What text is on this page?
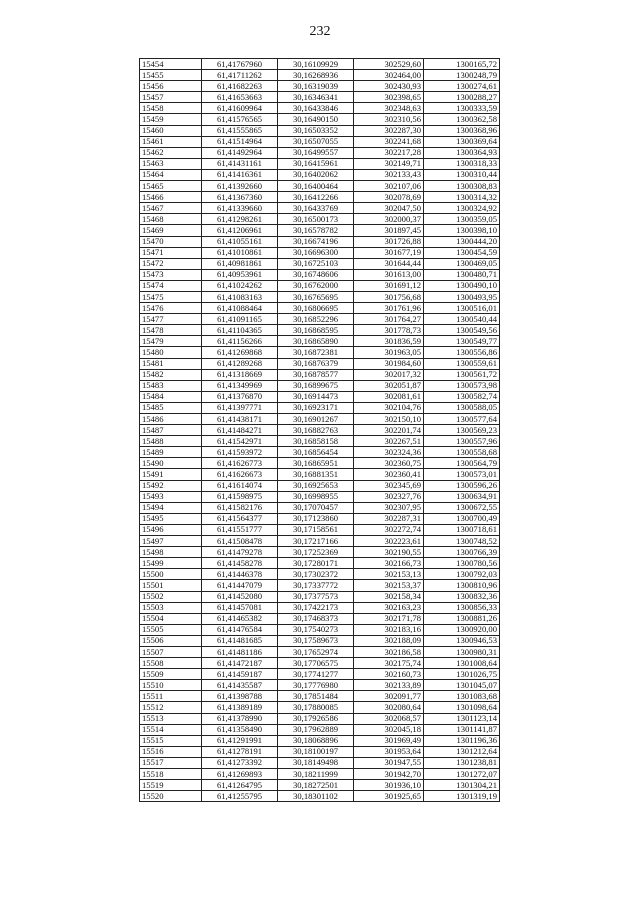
232
15454	61,41767960	30,16109929	302529,60	1300165,72
15455	61,41711262	30,16268936	302464,00	1300248,79
15456	61,41682263	30,16319039	302430,93	1300274,61
15457	61,41653663	30,16346341	302398,65	1300288,27
15458	61,41609964	30,16433846	302348,63	1300333,59
15459	61,41576565	30,16490150	302310,56	1300362,58
15460	61,41555865	30,16503352	302287,30	1300368,96
15461	61,41514964	30,16507055	302241,68	1300369,64
15462	61,41492964	30,16499557	302217,28	1300364,93
15463	61,41431161	30,16415961	302149,71	1300318,33
15464	61,41416361	30,16402062	302133,43	1300310,44
15465	61,41392660	30,16400464	302107,06	1300308,83
15466	61,41367360	30,16412266	302078,69	1300314,32
15467	61,41339660	30,16433769	302047,50	1300324,92
15468	61,41298261	30,16500173	302000,37	1300359,05
15469	61,41206961	30,16578782	301897,45	1300398,10
15470	61,41055161	30,16674196	301726,88	1300444,20
15471	61,41010861	30,16696300	301677,19	1300454,59
15472	61,40981861	30,16725103	301644,44	1300469,05
15473	61,40953961	30,16748606	301613,00	1300480,71
15474	61,41024262	30,16762000	301691,12	1300490,10
15475	61,41083163	30,16765695	301756,68	1300493,95
15476	61,41088464	30,16806695	301761,96	1300516,01
15477	61,41091165	30,16852296	301764,27	1300540,44
15478	61,41104365	30,16868595	301778,73	1300549,56
15479	61,41156266	30,16865890	301836,59	1300549,77
15480	61,41269868	30,16872381	301963,05	1300556,86
15481	61,41289268	30,16876379	301984,60	1300559,61
15482	61,41318669	30,16878577	302017,32	1300561,72
15483	61,41349969	30,16899675	302051,87	1300573,98
15484	61,41376870	30,16914473	302081,61	1300582,74
15485	61,41397771	30,16923171	302104,76	1300588,05
15486	61,41438171	30,16901267	302150,10	1300577,64
15487	61,41484271	30,16882763	302201,74	1300569,23
15488	61,41542971	30,16858158	302267,51	1300557,96
15489	61,41593972	30,16856454	302324,36	1300558,68
15490	61,41626773	30,16865951	302360,75	1300564,79
15491	61,41626673	30,16881351	302360,41	1300573,01
15492	61,41614074	30,16925653	302345,69	1300596,26
15493	61,41598975	30,16998955	302327,76	1300634,91
15494	61,41582176	30,17070457	302307,95	1300672,55
15495	61,41564377	30,17123860	302287,31	1300700,49
15496	61,41551777	30,17158561	302272,74	1300718,61
15497	61,41508478	30,17217166	302223,61	1300748,52
15498	61,41479278	30,17252369	302190,55	1300766,39
15499	61,41458278	30,17280171	302166,73	1300780,56
15500	61,41446378	30,17302372	302153,13	1300792,03
15501	61,41447079	30,17337772	302153,37	1300810,96
15502	61,41452080	30,17377573	302158,34	1300832,36
15503	61,41457081	30,17422173	302163,23	1300856,33
15504	61,41465382	30,17468373	302171,78	1300881,26
15505	61,41476584	30,17540273	302183,16	1300920,00
15506	61,41481685	30,17589673	302188,09	1300946,53
15507	61,41481186	30,17652974	302186,58	1300980,31
15508	61,41472187	30,17706575	302175,74	1301008,64
15509	61,41459187	30,17741277	302160,73	1301026,75
15510	61,41435587	30,17776980	302133,89	1301045,07
15511	61,41398788	30,17851484	302091,77	1301083,68
15512	61,41389189	30,17880085	302080,64	1301098,64
15513	61,41378990	30,17926586	302068,57	1301123,14
15514	61,41358490	30,17962889	302045,18	1301141,87
15515	61,41291991	30,18068896	301969,49	1301196,36
15516	61,41278191	30,18100197	301953,64	1301212,64
15517	61,41273392	30,18149498	301947,55	1301238,81
15518	61,41269893	30,18211999	301942,70	1301272,07
15519	61,41264795	30,18272501	301936,10	1301304,21
15520	61,41255795	30,18301102	301925,65	1301319,19
